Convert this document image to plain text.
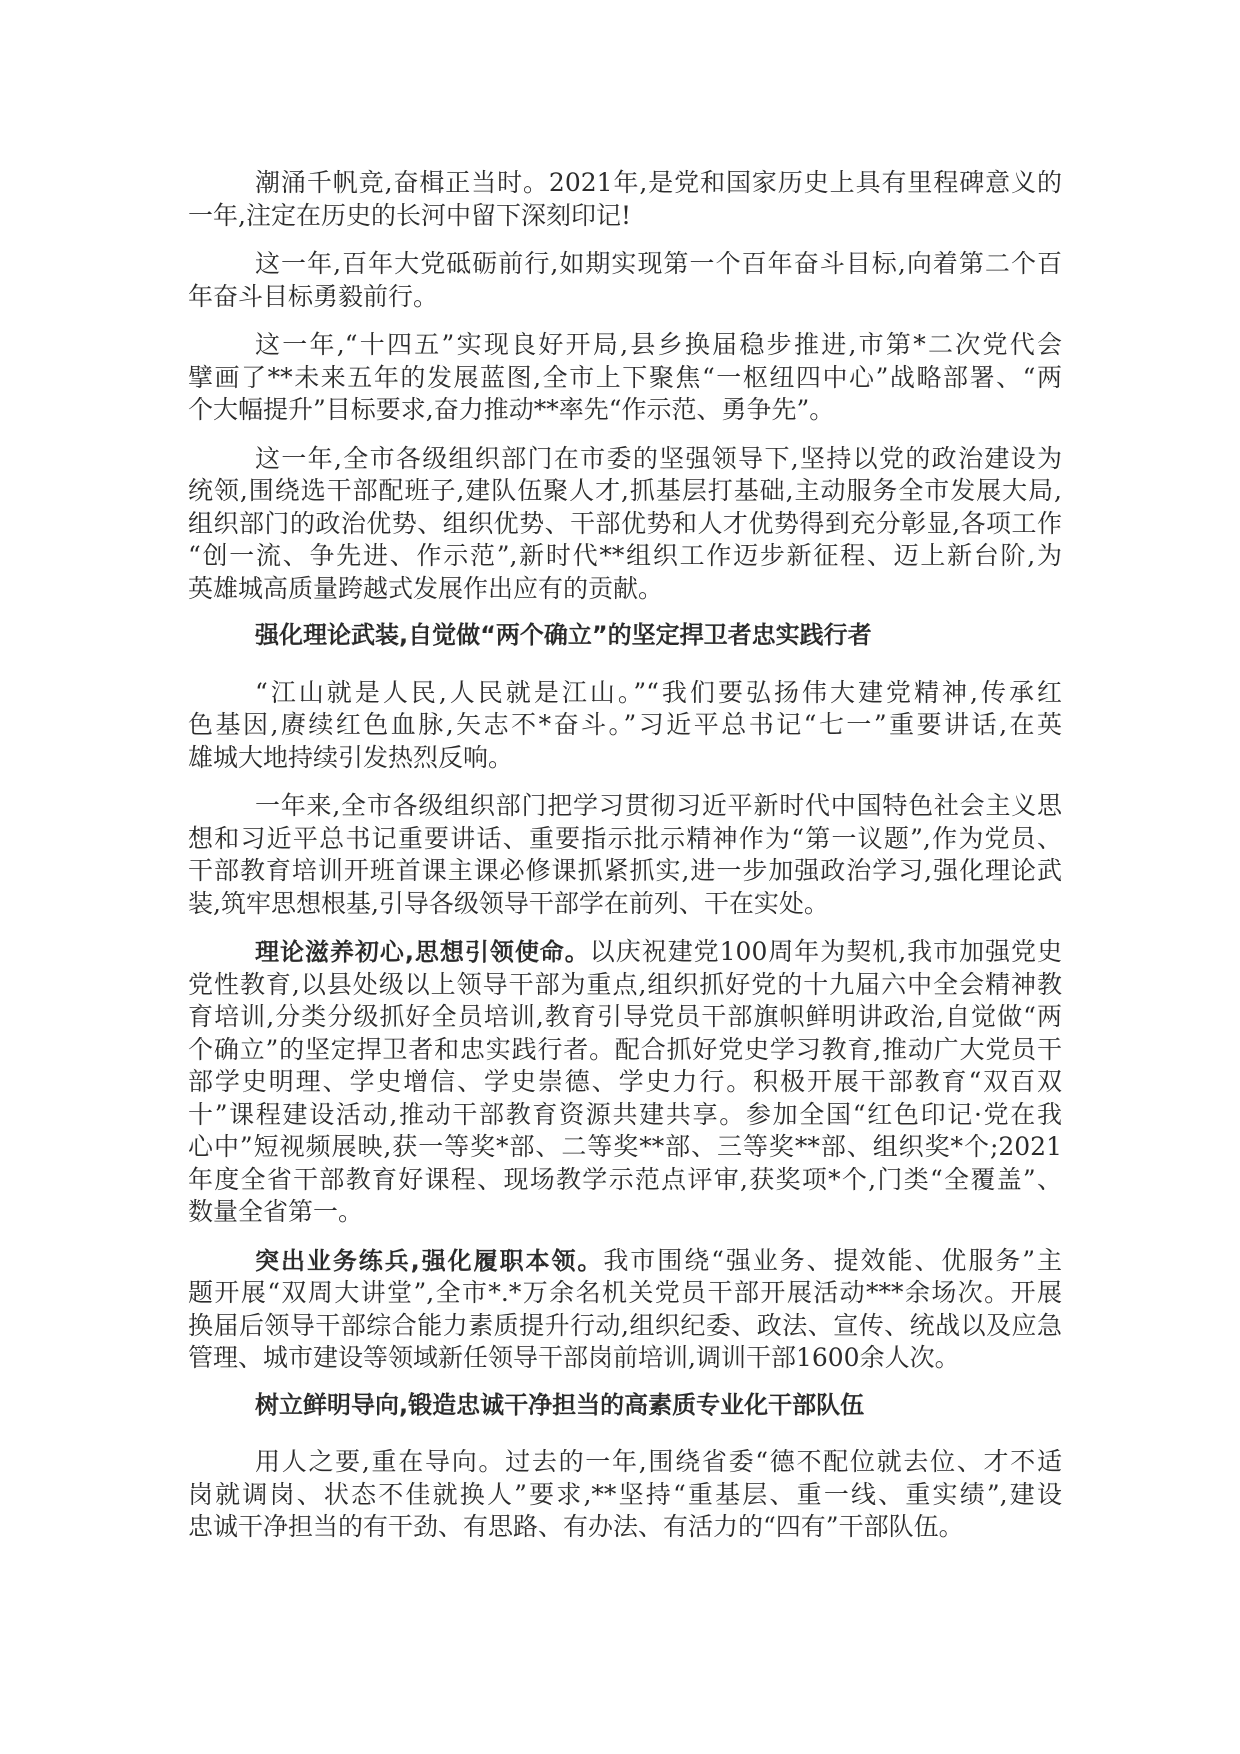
潮涌千帆竞,奋楫正当时。2021年,是党和国家历史上具有里程碑意义的
一年,注定在历史的长河中留下深刻印记!
这一年,百年大党砥砺前行,如期实现第一个百年奋斗目标,向着第二个百
年奋斗目标勇毅前行。
这一年,“十四五”实现良好开局,县乡换届稳步推进,市第*二次党代会
擘画了**未来五年的发展蓝图,全市上下聚焦“一枢纽四中心”战略部署、“两
个大幅提升”目标要求,奋力推动**率先“作示范、勇争先”。
这一年,全市各级组织部门在市委的坚强领导下,坚持以党的政治建设为
统领,围绕选干部配班子,建队伍聚人才,抓基层打基础,主动服务全市发展大局,
组织部门的政治优势、组织优势、干部优势和人才优势得到充分彰显,各项工作
“创一流、争先进、作示范”,新时代**组织工作迈步新征程、迈上新台阶,为
英雄城高质量跨越式发展作出应有的贡献。
强化理论武装,自觉做“两个确立”的坚定捍卫者忠实践行者
“江山就是人民,人民就是江山。”“我们要弘扬伟大建党精神,传承红
色基因,赓续红色血脉,矢志不*奋斗。”习近平总书记“七一”重要讲话,在英
雄城大地持续引发热烈反响。
一年来,全市各级组织部门把学习贯彻习近平新时代中国特色社会主义思
想和习近平总书记重要讲话、重要指示批示精神作为“第一议题”,作为党员、
干部教育培训开班首课主课必修课抓紧抓实,进一步加强政治学习,强化理论武
装,筑牢思想根基,引导各级领导干部学在前列、干在实处。
理论滋养初心,思想引领使命。以庆祝建党100周年为契机,我市加强党史
党性教育,以县处级以上领导干部为重点,组织抓好党的十九届六中全会精神教
育培训,分类分级抓好全员培训,教育引导党员干部旗帜鲜明讲政治,自觉做“两
个确立”的坚定捍卫者和忠实践行者。配合抓好党史学习教育,推动广大党员干
部学史明理、学史增信、学史崇德、学史力行。积极开展干部教育“双百双
十”课程建设活动,推动干部教育资源共建共享。参加全国“红色印记·党在我
心中”短视频展映,获一等奖*部、二等奖**部、三等奖**部、组织奖*个;2021
年度全省干部教育好课程、现场教学示范点评审,获奖项*个,门类“全覆盖”、
数量全省第一。
突出业务练兵,强化履职本领。我市围绕“强业务、提效能、优服务”主
题开展“双周大讲堂”,全市*.*万余名机关党员干部开展活动***余场次。开展
换届后领导干部综合能力素质提升行动,组织纪委、政法、宣传、统战以及应急
管理、城市建设等领域新任领导干部岗前培训,调训干部1600余人次。
树立鲜明导向,锻造忠诚干净担当的高素质专业化干部队伍
用人之要,重在导向。过去的一年,围绕省委“德不配位就去位、才不适
岗就调岗、状态不佳就换人”要求,**坚持“重基层、重一线、重实绩”,建设
忠诚干净担当的有干劲、有思路、有办法、有活力的“四有”干部队伍。
